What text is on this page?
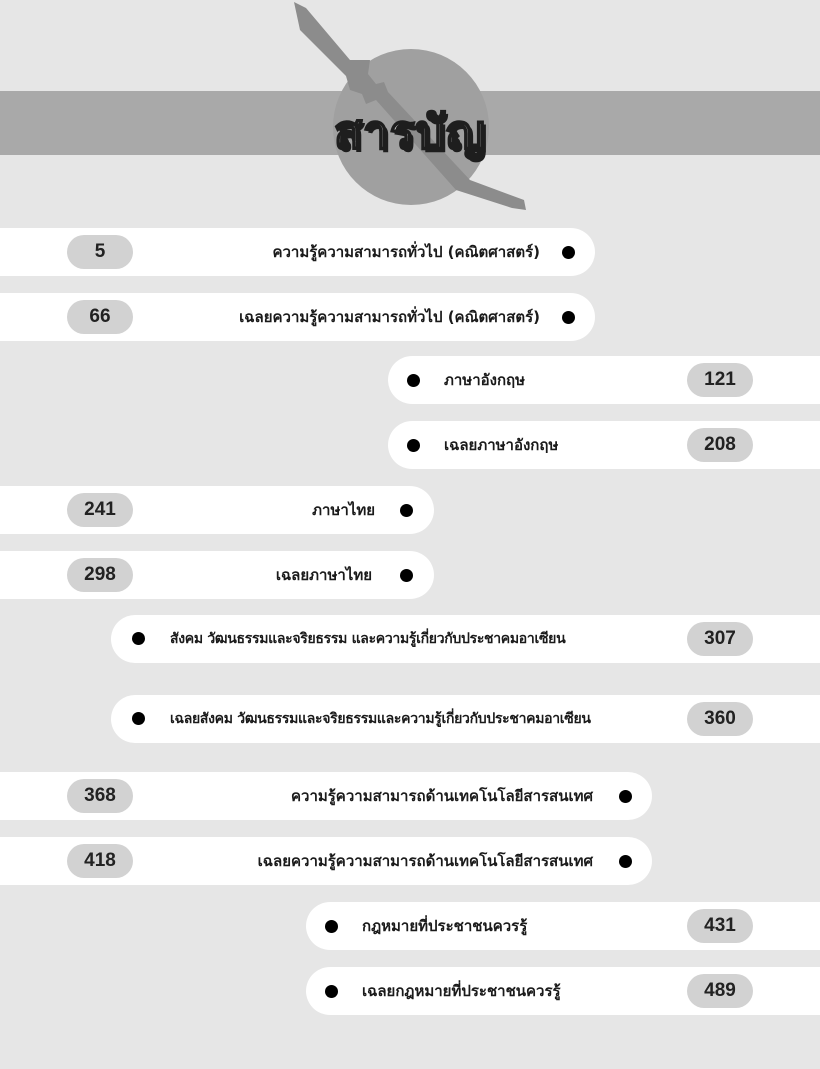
สารบัญ
5	ความรู้ความสามารถทั่วไป (คณิตศาสตร์)
66	เฉลยความรู้ความสามารถทั่วไป (คณิตศาสตร์)
ภาษาอังกฤษ	121
เฉลยภาษาอังกฤษ	208
241	ภาษาไทย
298	เฉลยภาษาไทย
สังคม วัฒนธรรมและจริยธรรม และความรู้เกี่ยวกับประชาคมอาเซียน	307
เฉลยสังคม วัฒนธรรมและจริยธรรมและความรู้เกี่ยวกับประชาคมอาเซียน	360
368	ความรู้ความสามารถด้านเทคโนโลยีสารสนเทศ
418	เฉลยความรู้ความสามารถด้านเทคโนโลยีสารสนเทศ
กฎหมายที่ประชาชนควรรู้	431
เฉลยกฎหมายที่ประชาชนควรรู้	489
